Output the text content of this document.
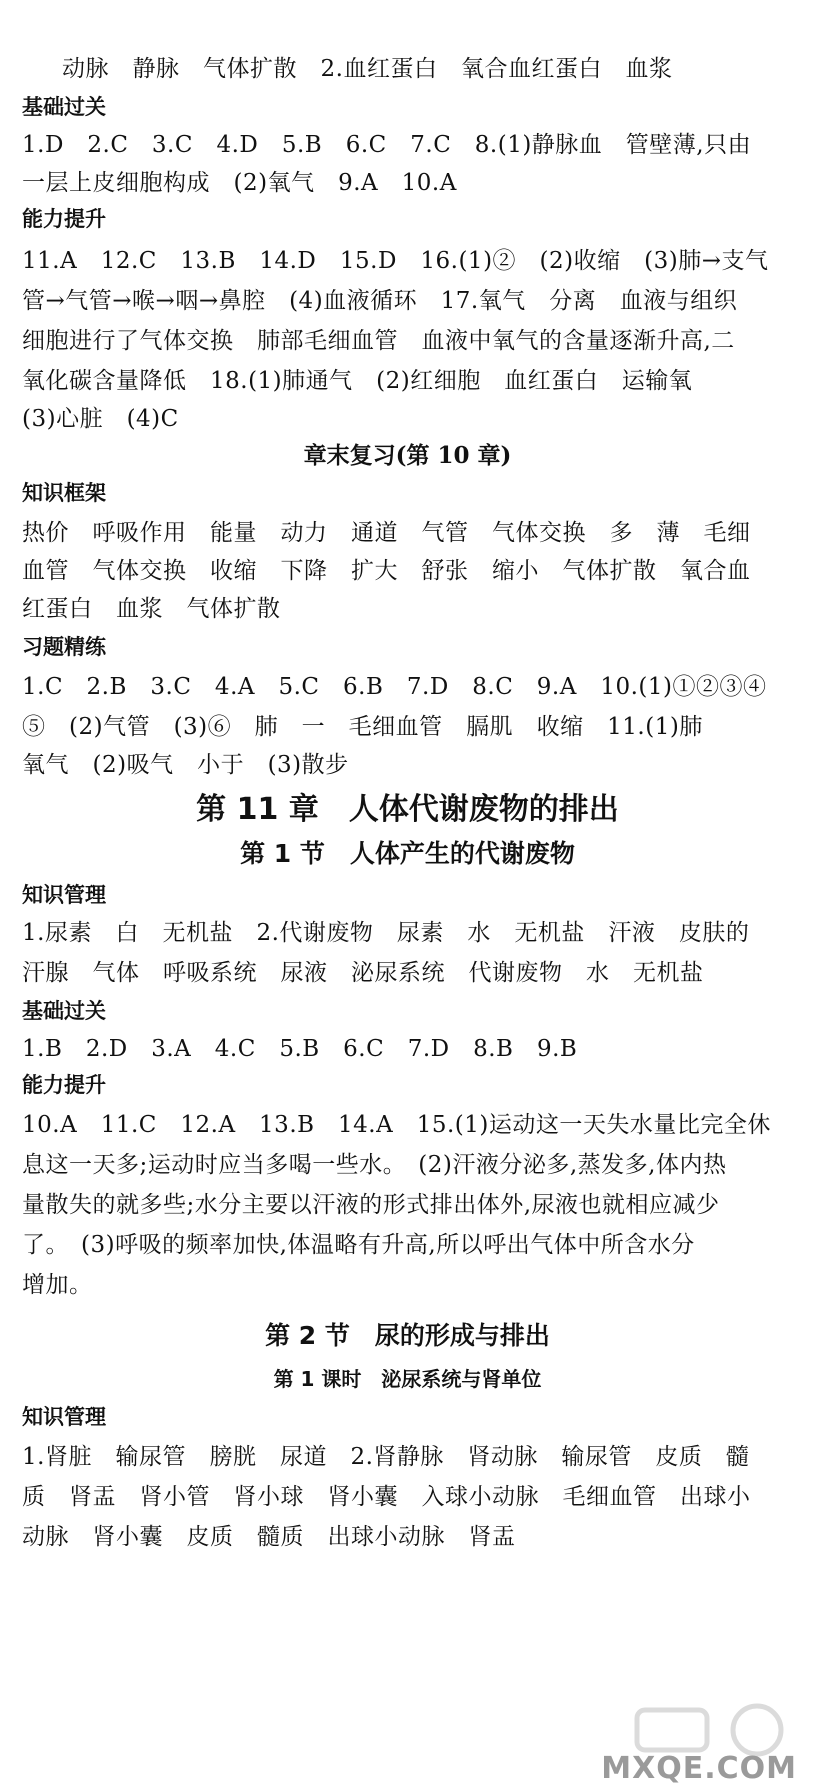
动脉　静脉　气体扩散　2.血红蛋白　氧合血红蛋白　血浆
基础过关
1.D　2.C　3.C　4.D　5.B　6.C　7.C　8.(1)静脉血　管壁薄,只由
一层上皮细胞构成　(2)氧气　9.A　10.A
能力提升
11.A　12.C　13.B　14.D　15.D　16.(1)②　(2)收缩　(3)肺→支气
管→气管→喉→咽→鼻腔　(4)血液循环　17.氧气　分离　血液与组织
细胞进行了气体交换　肺部毛细血管　血液中氧气的含量逐渐升高,二
氧化碳含量降低　18.(1)肺通气　(2)红细胞　血红蛋白　运输氧
(3)心脏　(4)C
章末复习(第 10 章)
知识框架
热价　呼吸作用　能量　动力　通道　气管　气体交换　多　薄　毛细
血管　气体交换　收缩　下降　扩大　舒张　缩小　气体扩散　氧合血
红蛋白　血浆　气体扩散
习题精练
1.C　2.B　3.C　4.A　5.C　6.B　7.D　8.C　9.A　10.(1)①②③④
⑤　(2)气管　(3)⑥　肺　一　毛细血管　膈肌　收缩　11.(1)肺
氧气　(2)吸气　小于　(3)散步
第 11 章　人体代谢废物的排出
第 1 节　人体产生的代谢废物
知识管理
1.尿素　白　无机盐　2.代谢废物　尿素　水　无机盐　汗液　皮肤的
汗腺　气体　呼吸系统　尿液　泌尿系统　代谢废物　水　无机盐
基础过关
1.B　2.D　3.A　4.C　5.B　6.C　7.D　8.B　9.B
能力提升
10.A　11.C　12.A　13.B　14.A　15.(1)运动这一天失水量比完全休
息这一天多;运动时应当多喝一些水。　(2)汗液分泌多,蒸发多,体内热
量散失的就多些;水分主要以汗液的形式排出体外,尿液也就相应减少
了。　(3)呼吸的频率加快,体温略有升高,所以呼出气体中所含水分
增加。
第 2 节　尿的形成与排出
第 1 课时　泌尿系统与肾单位
知识管理
1.肾脏　输尿管　膀胱　尿道　2.肾静脉　肾动脉　输尿管　皮质　髓
质　肾盂　肾小管　肾小球　肾小囊　入球小动脉　毛细血管　出球小
动脉　肾小囊　皮质　髓质　出球小动脉　肾盂
MXQE.COM
